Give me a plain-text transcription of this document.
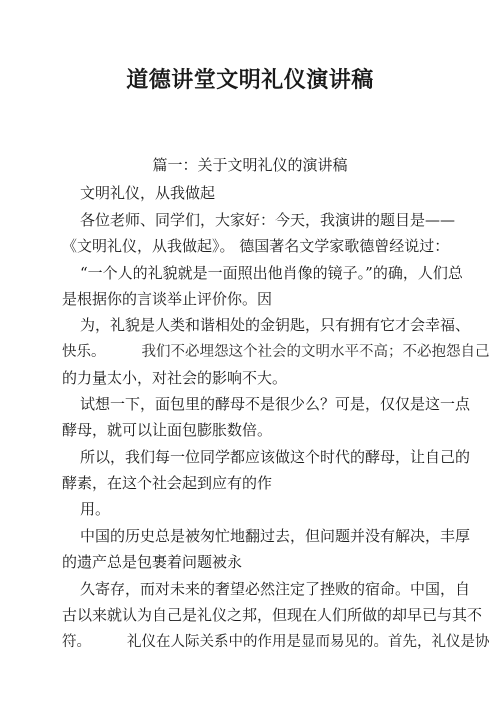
道德讲堂文明礼仪演讲稿
篇一：关于文明礼仪的演讲稿
文明礼仪，从我做起
各位老师、同学们，大家好：今天，我演讲的题目是——
《文明礼仪，从我做起》。 德国著名文学家歌德曾经说过：
“一个人的礼貌就是一面照出他肖像的镜子。”的确，人们总
是根据你的言谈举止评价你。因
为，礼貌是人类和谐相处的金钥匙，只有拥有它才会幸福、
快乐。 我们不必埋怨这个社会的文明水平不高；不必抱怨自己
的力量太小，对社会的影响不大。
试想一下，面包里的酵母不是很少么？可是，仅仅是这一点
酵母，就可以让面包膨胀数倍。
所以，我们每一位同学都应该做这个时代的酵母，让自己的
酵素，在这个社会起到应有的作
用。
中国的历史总是被匆忙地翻过去，但问题并没有解决，丰厚
的遗产总是包裹着问题被永
久寄存，而对未来的奢望必然注定了挫败的宿命。中国，自
古以来就认为自己是礼仪之邦，但现在人们所做的却早已与其不
符。 礼仪在人际关系中的作用是显而易见的。首先，礼仪是协
